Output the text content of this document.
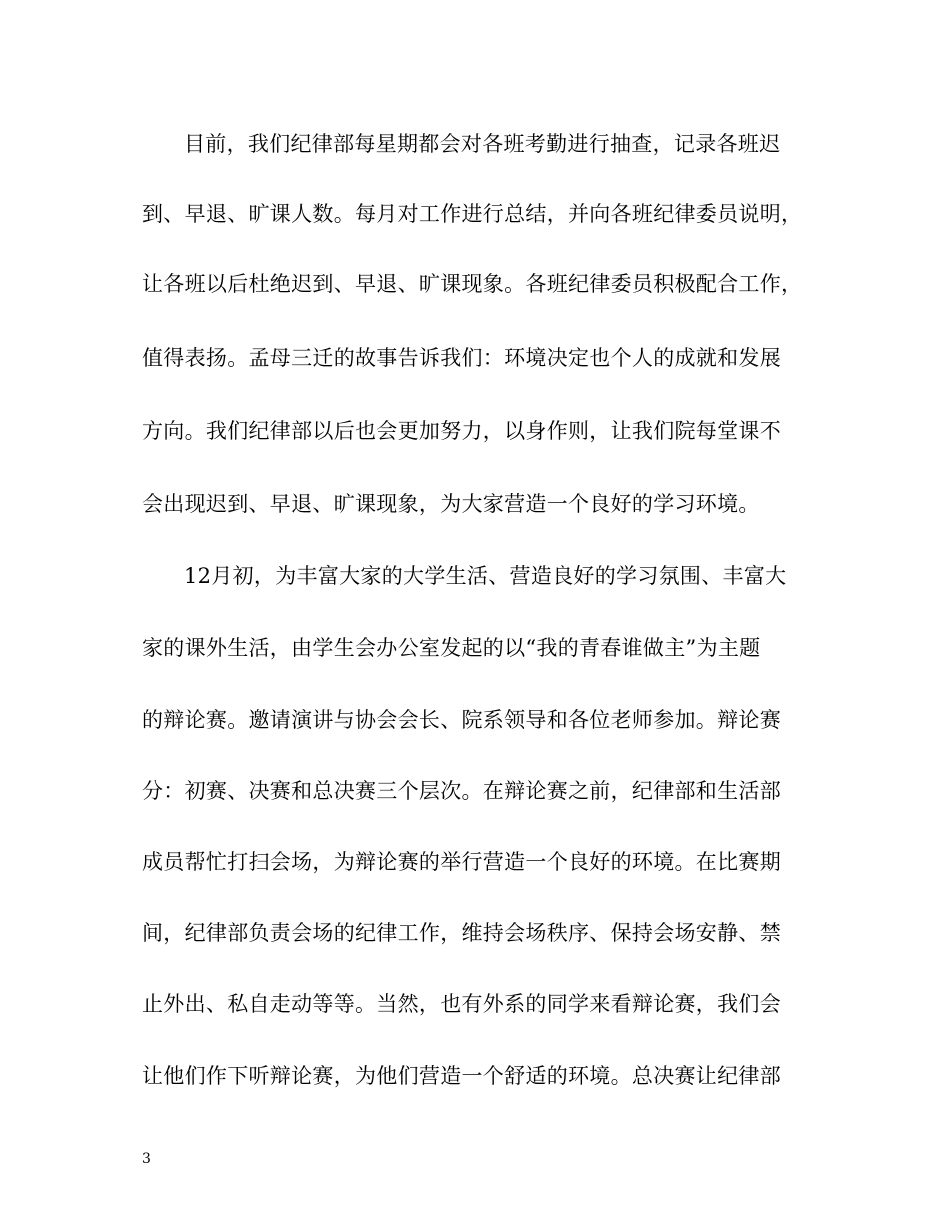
目前，我们纪律部每星期都会对各班考勤进行抽查，记录各班迟
到、早退、旷课人数。每月对工作进行总结，并向各班纪律委员说明，
让各班以后杜绝迟到、早退、旷课现象。各班纪律委员积极配合工作，
值得表扬。孟母三迁的故事告诉我们：环境决定也个人的成就和发展
方向。我们纪律部以后也会更加努力，以身作则，让我们院每堂课不
会出现迟到、早退、旷课现象，为大家营造一个良好的学习环境。
12月初，为丰富大家的大学生活、营造良好的学习氛围、丰富大
家的课外生活，由学生会办公室发起的以“我的青春谁做主”为主题
的辩论赛。邀请演讲与协会会长、院系领导和各位老师参加。辩论赛
分：初赛、决赛和总决赛三个层次。在辩论赛之前，纪律部和生活部
成员帮忙打扫会场，为辩论赛的举行营造一个良好的环境。在比赛期
间，纪律部负责会场的纪律工作，维持会场秩序、保持会场安静、禁
止外出、私自走动等等。当然，也有外系的同学来看辩论赛，我们会
让他们作下听辩论赛，为他们营造一个舒适的环境。总决赛让纪律部
3
